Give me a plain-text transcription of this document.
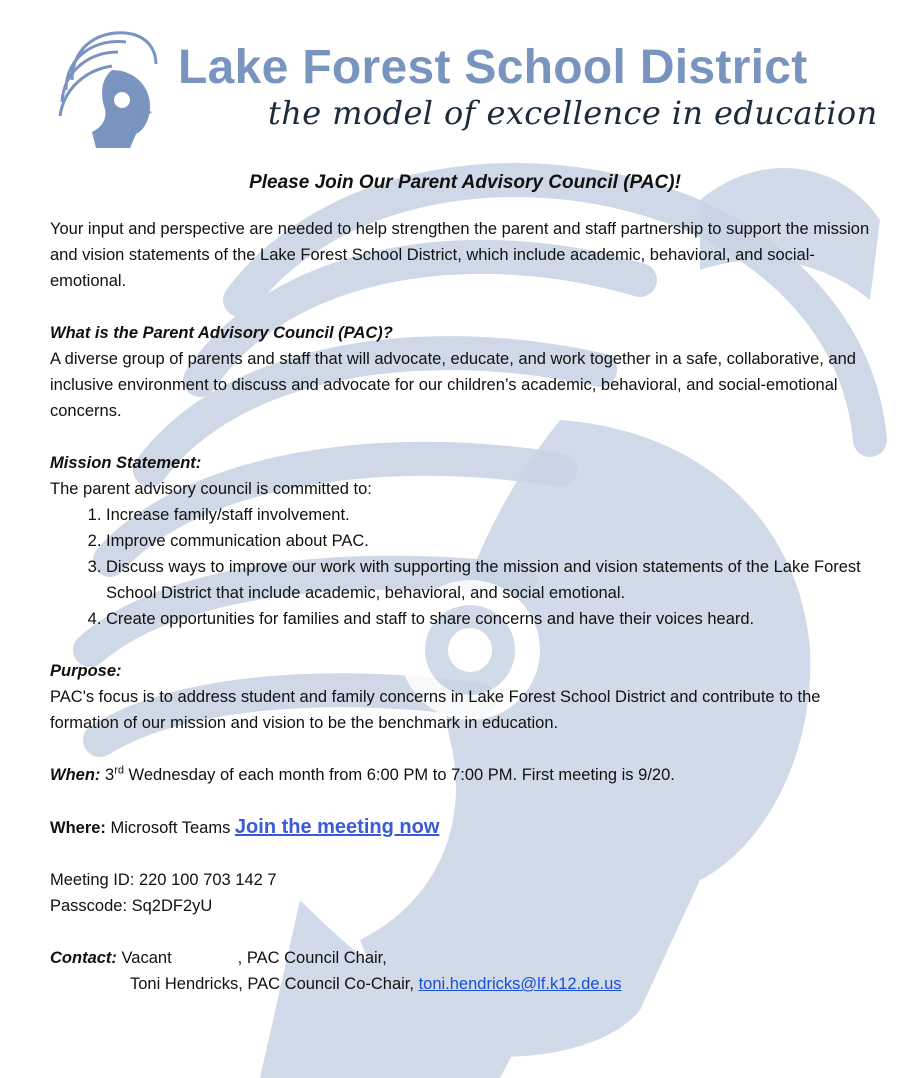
Lake Forest School District
the model of excellence in education

Please Join Our Parent Advisory Council (PAC)!

Your input and perspective are needed to help strengthen the parent and staff partnership to support the mission and vision statements of the Lake Forest School District, which include academic, behavioral, and social-emotional.

What is the Parent Advisory Council (PAC)?

A diverse group of parents and staff that will advocate, educate, and work together in a safe, collaborative, and inclusive environment to discuss and advocate for our children’s academic, behavioral, and social-emotional concerns.

Mission Statement:

The parent advisory council is committed to:

1. Increase family/staff involvement.
2. Improve communication about PAC.
3. Discuss ways to improve our work with supporting the mission and vision statements of the Lake Forest School District that include academic, behavioral, and social emotional.
4. Create opportunities for families and staff to share concerns and have their voices heard.

Purpose:

PAC's focus is to address student and family concerns in Lake Forest School District and contribute to the formation of our mission and vision to be the benchmark in education.

When: 3rd Wednesday of each month from 6:00 PM to 7:00 PM. First meeting is 9/20.

Where: Microsoft Teams Join the meeting now

Meeting ID: 220 100 703 142 7

Passcode: Sq2DF2yU

Contact: Vacant	, PAC Council Chair,

Toni Hendricks, PAC Council Co-Chair, toni.hendricks@lf.k12.de.us
